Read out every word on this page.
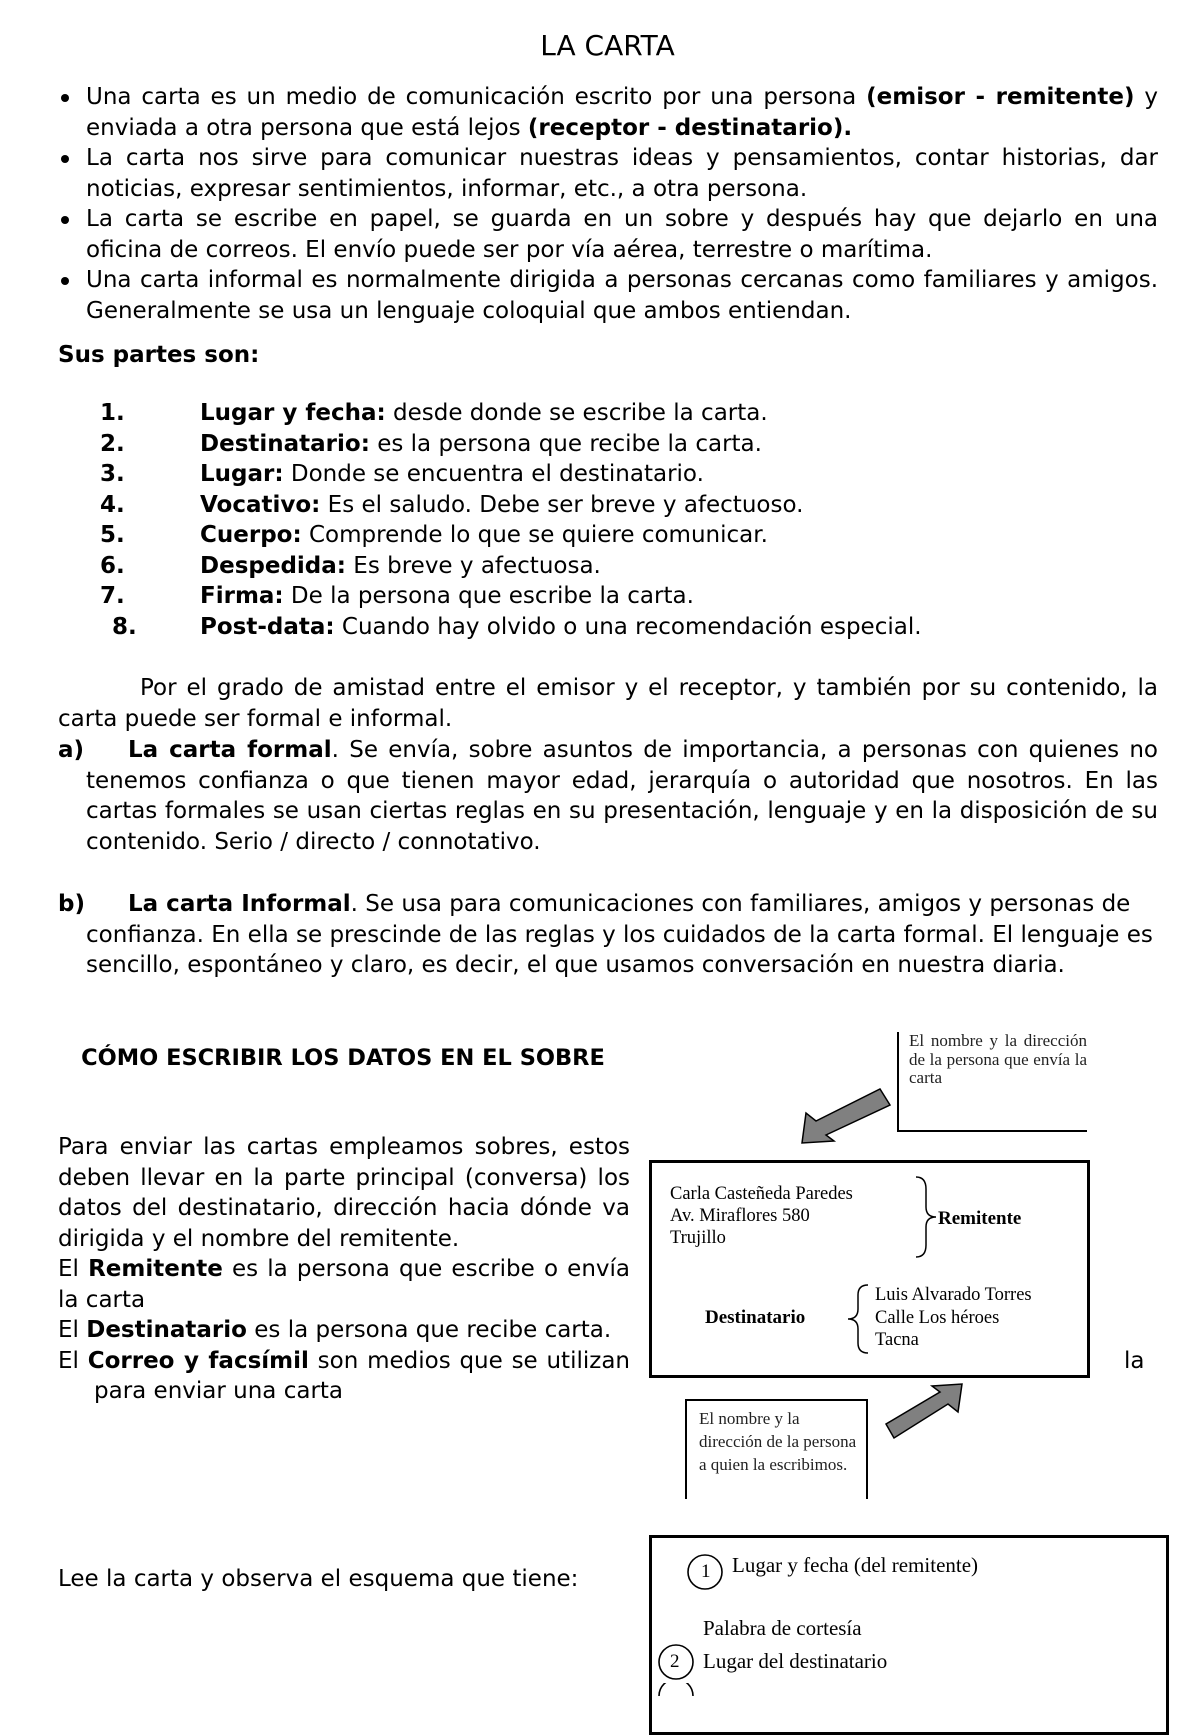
LA CARTA
Una carta es un medio de comunicación escrito por una persona (emisor - remitente) y enviada a otra persona que está lejos (receptor - destinatario).
La carta nos sirve para comunicar nuestras ideas y pensamientos, contar historias, dar noticias, expresar sentimientos, informar, etc., a otra persona.
La carta se escribe en papel, se guarda en un sobre y después hay que dejarlo en una oficina de correos. El envío puede ser por vía aérea, terrestre o marítima.
Una carta informal es normalmente dirigida a personas cercanas como familiares y amigos. Generalmente se usa un lenguaje coloquial que ambos entiendan.
Sus partes son:
1.	Lugar y fecha: desde donde se escribe la carta.
2.	Destinatario: es la persona que recibe la carta.
3.	Lugar: Donde se encuentra el destinatario.
4.	Vocativo: Es el saludo. Debe ser breve y afectuoso.
5.	Cuerpo: Comprende lo que se quiere comunicar.
6.	Despedida: Es breve y afectuosa.
7.	Firma: De la persona que escribe la carta.
8.	Post-data: Cuando hay olvido o una recomendación especial.
Por el grado de amistad entre el emisor y el receptor, y también por su contenido, la carta puede ser formal e informal.
a)	La carta formal. Se envía, sobre asuntos de importancia, a personas con quienes no tenemos confianza o que tienen mayor edad, jerarquía o autoridad que nosotros. En las cartas formales se usan ciertas reglas en su presentación, lenguaje y en la disposición de su contenido. Serio / directo / connotativo.
b)	La carta Informal. Se usa para comunicaciones con familiares, amigos y personas de confianza. En ella se prescinde de las reglas y los cuidados de la carta formal. El lenguaje es sencillo, espontáneo y claro, es decir, el que usamos conversación en nuestra diaria.
CÓMO ESCRIBIR LOS DATOS EN EL SOBRE

Para enviar las cartas empleamos sobres, estos deben llevar en la parte principal (conversa) los datos del destinatario, dirección hacia dónde va dirigida y el nombre del remitente.

El Remitente es la persona que escribe o envía la carta

El Destinatario es la persona que recibe carta.

El Correo y facsímil son medios que se utilizan para enviar una carta

la
El nombre y la dirección de la persona que envía la carta
Carla Casteñeda Paredes
Av. Miraflores 580
Trujillo
Remitente
Destinatario
Luis Alvarado Torres
Calle Los héroes
Tacna
El nombre y la dirección de la persona a quien la escribimos.
Lee la carta y observa el esquema que tiene:	1 Lugar y fecha (del remitente)
Palabra de cortesía
2 Lugar del destinatario
